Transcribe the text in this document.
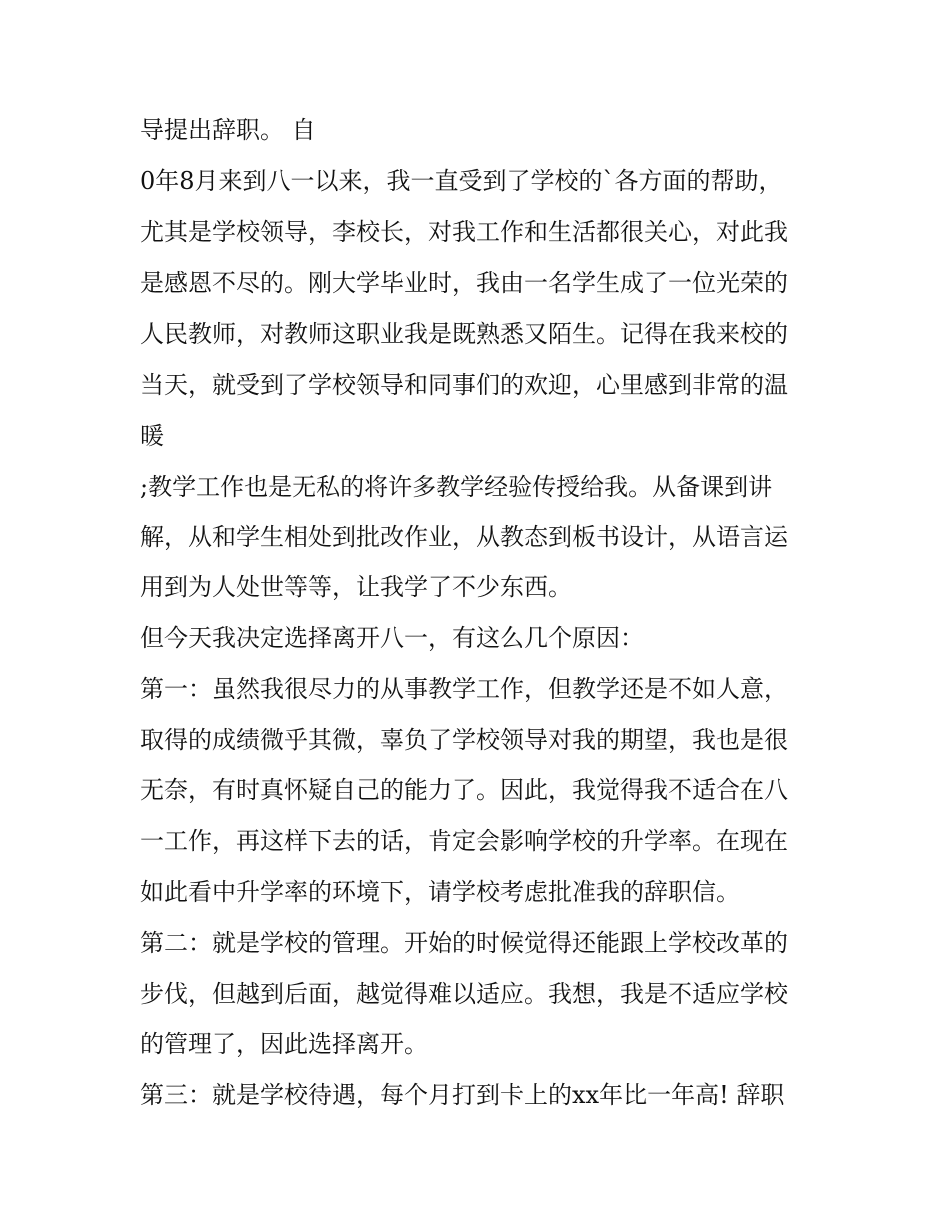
导提出辞职。 自
0年8月来到八一以来，我一直受到了学校的`各方面的帮助，
尤其是学校领导，李校长，对我工作和生活都很关心，对此我
是感恩不尽的。刚大学毕业时，我由一名学生成了一位光荣的
人民教师，对教师这职业我是既熟悉又陌生。记得在我来校的
当天，就受到了学校领导和同事们的欢迎，心里感到非常的温
暖
;教学工作也是无私的将许多教学经验传授给我。从备课到讲
解，从和学生相处到批改作业，从教态到板书设计，从语言运
用到为人处世等等，让我学了不少东西。
但今天我决定选择离开八一，有这么几个原因：
第一：虽然我很尽力的从事教学工作，但教学还是不如人意，
取得的成绩微乎其微，辜负了学校领导对我的期望，我也是很
无奈，有时真怀疑自己的能力了。因此，我觉得我不适合在八
一工作，再这样下去的话，肯定会影响学校的升学率。在现在
如此看中升学率的环境下，请学校考虑批准我的辞职信。
第二：就是学校的管理。开始的时候觉得还能跟上学校改革的
步伐，但越到后面，越觉得难以适应。我想，我是不适应学校
的管理了，因此选择离开。
第三：就是学校待遇，每个月打到卡上的xx年比一年高! 辞职
